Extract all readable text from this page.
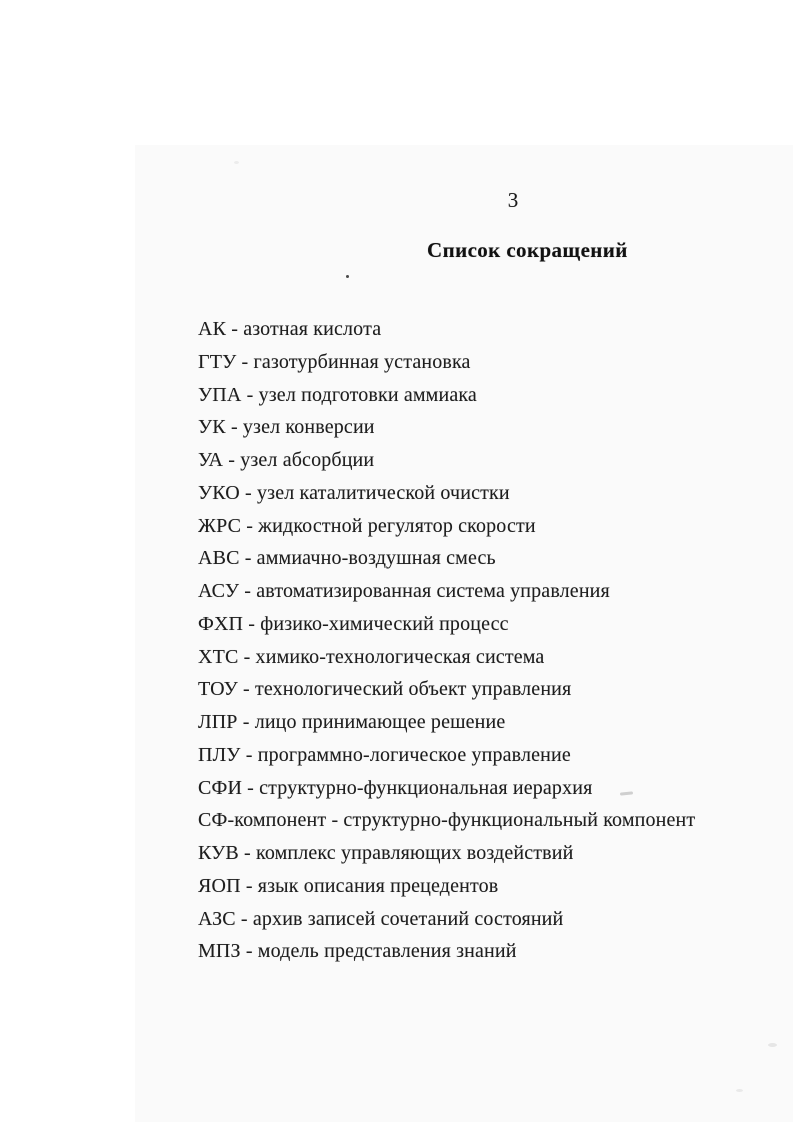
3
Список сокращений
АК - азотная кислота
ГТУ - газотурбинная установка
УПА - узел подготовки аммиака
УК - узел конверсии
УА - узел абсорбции
УКО - узел каталитической очистки
ЖРС - жидкостной регулятор скорости
АВС - аммиачно-воздушная смесь
АСУ - автоматизированная система управления
ФХП - физико-химический процесс
ХТС - химико-технологическая система
ТОУ - технологический объект управления
ЛПР - лицо принимающее решение
ПЛУ - программно-логическое управление
СФИ - структурно-функциональная иерархия
СФ-компонент - структурно-функциональный компонент
КУВ - комплекс управляющих воздействий
ЯОП - язык описания прецедентов
АЗС - архив записей сочетаний состояний
МПЗ - модель представления знаний
